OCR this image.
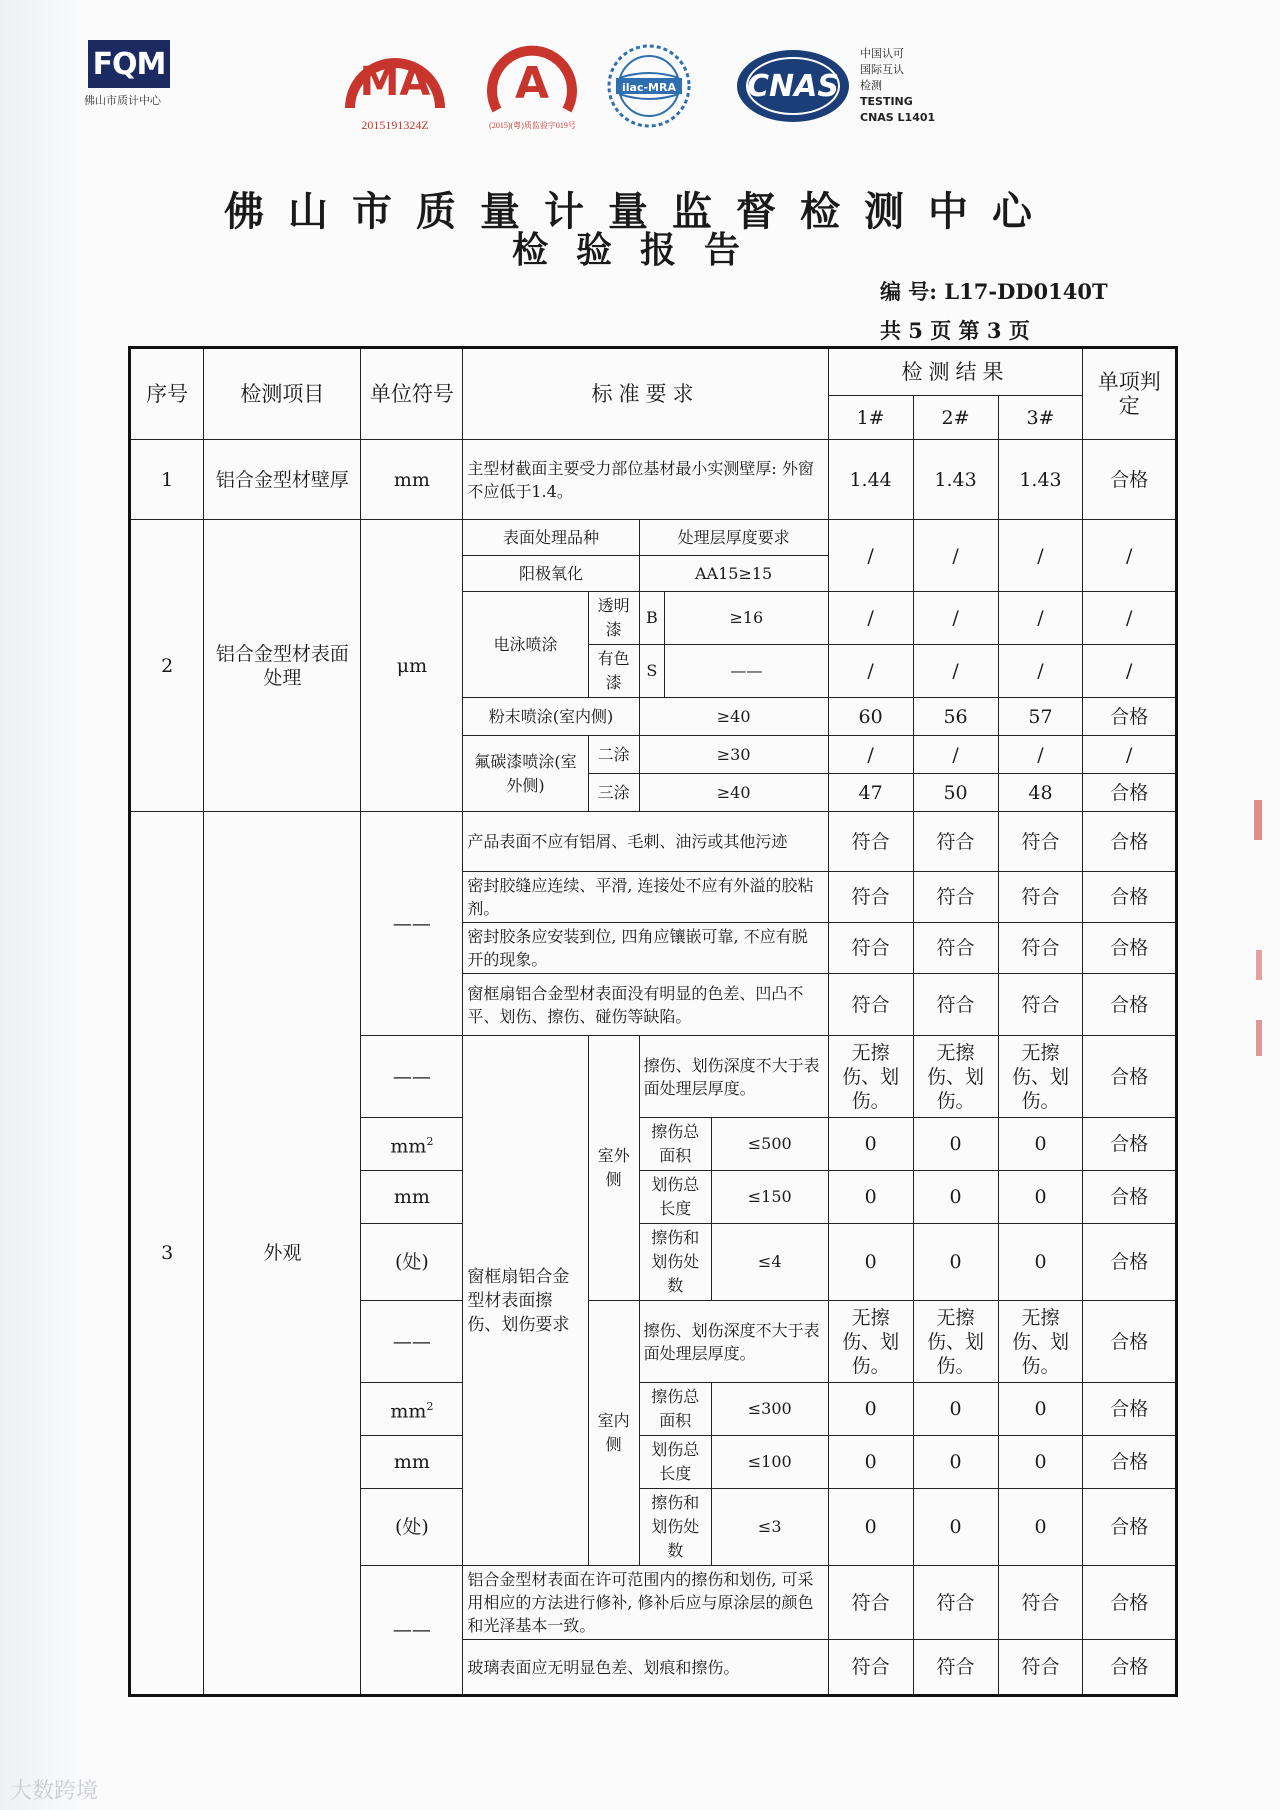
FQM
佛山市质计中心	MA
2015191324Z
A
(2015)(粤)质监验字019号
ilac-MRA CNAS
中国认可
国际互认
检测
TESTING
CNAS L1401
佛山市质量计量监督检测中心
检验报告
编 号: L17-DD0140T
共 5 页 第 3 页
序号	检测项目	单位符号	标准要求					检测结果			单项判定
								1#	2#	3#	
1	铝合金型材壁厚	mm	主型材截面主要受力部位基材最小实测壁厚: 外窗不应低于1.4。					1.44	1.43	1.43	合格
2	铝合金型材表面处理	μm	表面处理品种		处理层厚度要求			/	/	/	/
			阳极氧化		AA15≥15						
			电泳喷涂	透明漆	B	≥16		/	/	/	/
				有色漆	S	——		/	/	/	/
			粉末喷涂(室内侧)		≥40			60	56	57	合格
			氟碳漆喷涂(室外侧)	二涂	≥30			/	/	/	/
				三涂	≥40			47	50	48	合格
3	外观	——	产品表面不应有铝屑、毛刺、油污或其他污迹					符合	符合	符合	合格
			密封胶缝应连续、平滑, 连接处不应有外溢的胶粘剂。					符合	符合	符合	合格
			密封胶条应安装到位, 四角应镶嵌可靠, 不应有脱开的现象。					符合	符合	符合	合格
			窗框扇铝合金型材表面没有明显的色差、凹凸不平、划伤、擦伤、碰伤等缺陷。					符合	符合	符合	合格
		——	窗框扇铝合金型材表面擦伤、划伤要求	室外侧	擦伤、划伤深度不大于表面处理层厚度。			无擦伤、划伤。	无擦伤、划伤。	无擦伤、划伤。	合格
		$mm^2$			擦伤总面积		≤500	0	0	0	合格
		mm			划伤总长度		≤150	0	0	0	合格
		(处)			擦伤和划伤处数		≤4	0	0	0	合格
		——		室内侧	擦伤、划伤深度不大于表面处理层厚度。			无擦伤、划伤。	无擦伤、划伤。	无擦伤、划伤。	合格
		$mm^2$			擦伤总面积		≤300	0	0	0	合格
		mm			划伤总长度		≤100	0	0	0	合格
		(处)			擦伤和划伤处数		≤3	0	0	0	合格
		——	铝合金型材表面在许可范围内的擦伤和划伤, 可采用相应的方法进行修补, 修补后应与原涂层的颜色和光泽基本一致。					符合	符合	符合	合格
			玻璃表面应无明显色差、划痕和擦伤。					符合	符合	符合	合格
大数跨境
